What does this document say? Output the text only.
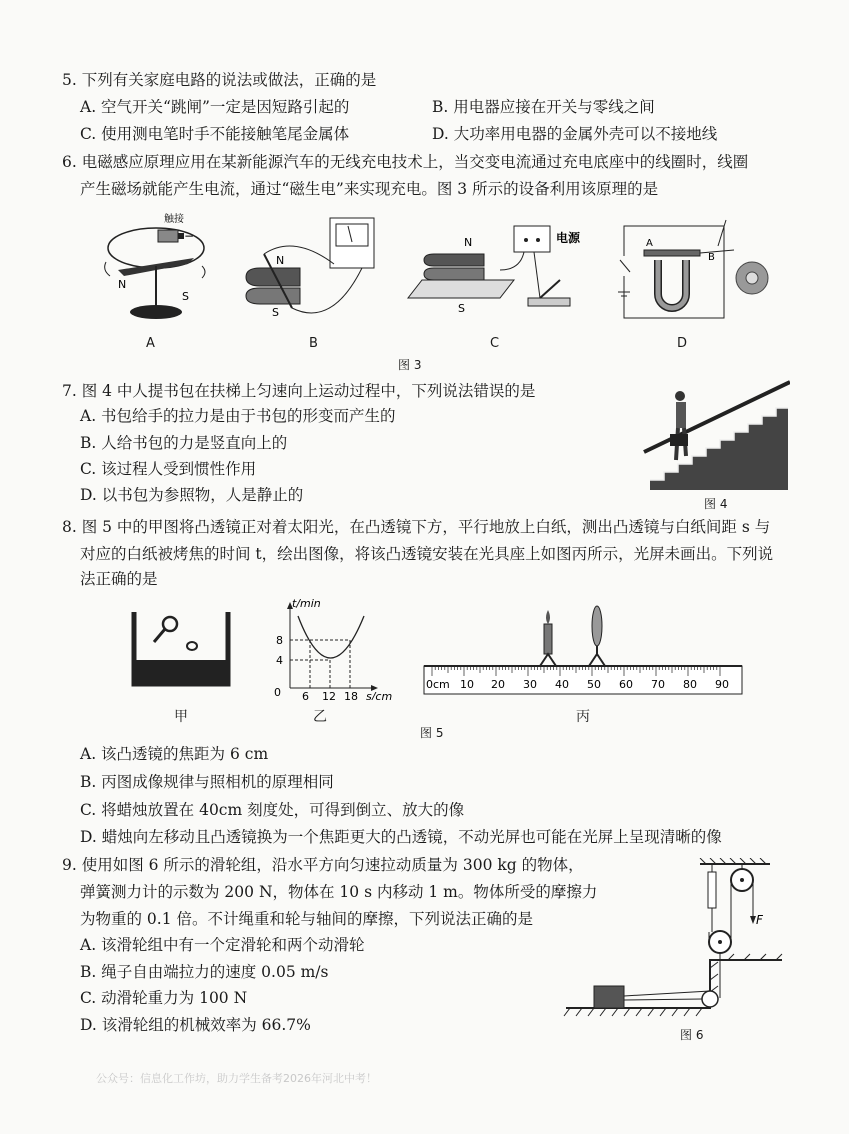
5. 下列有关家庭电路的说法或做法，正确的是
A. 空气开关“跳闸”一定是因短路引起的	B. 用电器应接在开关与零线之间
C. 使用测电笔时手不能接触笔尾金属体	D. 大功率用电器的金属外壳可以不接地线
6. 电磁感应原理应用在某新能源汽车的无线充电技术上，当交变电流通过充电底座中的线圈时，线圈
产生磁场就能产生电流，通过“磁生电”来实现充电。图 3 所示的设备利用该原理的是
触接
−
N
S
A
N
S
B
N
S
电源
C
A
B
D
图 3
7. 图 4 中人提书包在扶梯上匀速向上运动过程中，下列说法错误的是
A. 书包给手的拉力是由于书包的形变而产生的
B. 人给书包的力是竖直向上的
C. 该过程人受到惯性作用
D. 以书包为参照物，人是静止的	图 4
8. 图 5 中的甲图将凸透镜正对着太阳光，在凸透镜下方，平行地放上白纸，测出凸透镜与白纸间距 s 与
对应的白纸被烤焦的时间 t，绘出图像，将该凸透镜安装在光具座上如图丙所示，光屏未画出。下列说
法正确的是
甲
t/min
s/cm
8
4
0 6 12 18
乙
0cm 10 20 30 40 50 60 70 80 90
丙
图 5
A. 该凸透镜的焦距为 6 cm
B. 丙图成像规律与照相机的原理相同
C. 将蜡烛放置在 40cm 刻度处，可得到倒立、放大的像
D. 蜡烛向左移动且凸透镜换为一个焦距更大的凸透镜，不动光屏也可能在光屏上呈现清晰的像
9. 使用如图 6 所示的滑轮组，沿水平方向匀速拉动质量为 300 kg 的物体，
弹簧测力计的示数为 200 N，物体在 10 s 内移动 1 m。物体所受的摩擦力
为物重的 0.1 倍。不计绳重和轮与轴间的摩擦，下列说法正确的是
A. 该滑轮组中有一个定滑轮和两个动滑轮
B. 绳子自由端拉力的速度 0.05 m/s
C. 动滑轮重力为 100 N
D. 该滑轮组的机械效率为 66.7%
F
图 6
公众号：信息化工作坊，助力学生备考2026年河北中考！
